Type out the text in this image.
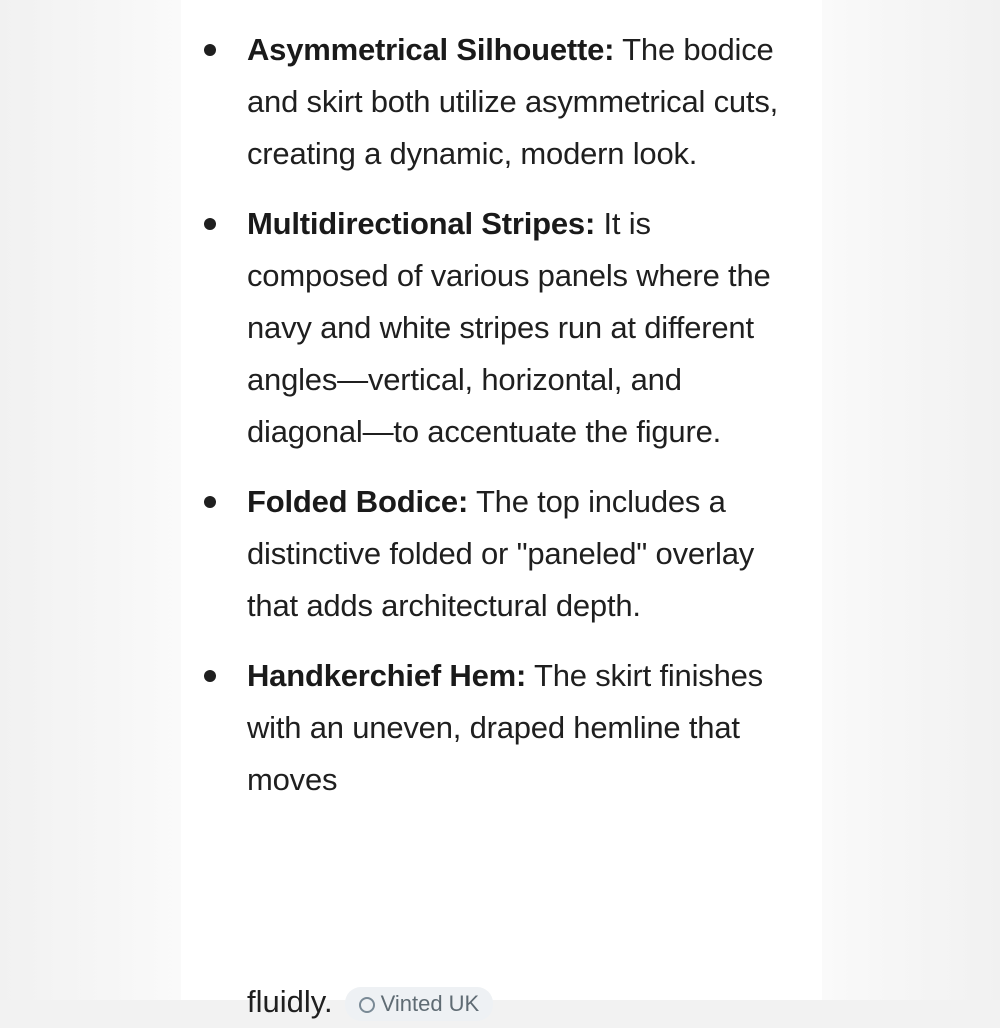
Asymmetrical Silhouette: The bodice and skirt both utilize asymmetrical cuts, creating a dynamic, modern look.
Multidirectional Stripes: It is composed of various panels where the navy and white stripes run at different angles—vertical, horizontal, and diagonal—to accentuate the figure.
Folded Bodice: The top includes a distinctive folded or "paneled" overlay that adds architectural depth.
Handkerchief Hem: The skirt finishes with an uneven, draped hemline that moves
fluidly. Vinted UK
